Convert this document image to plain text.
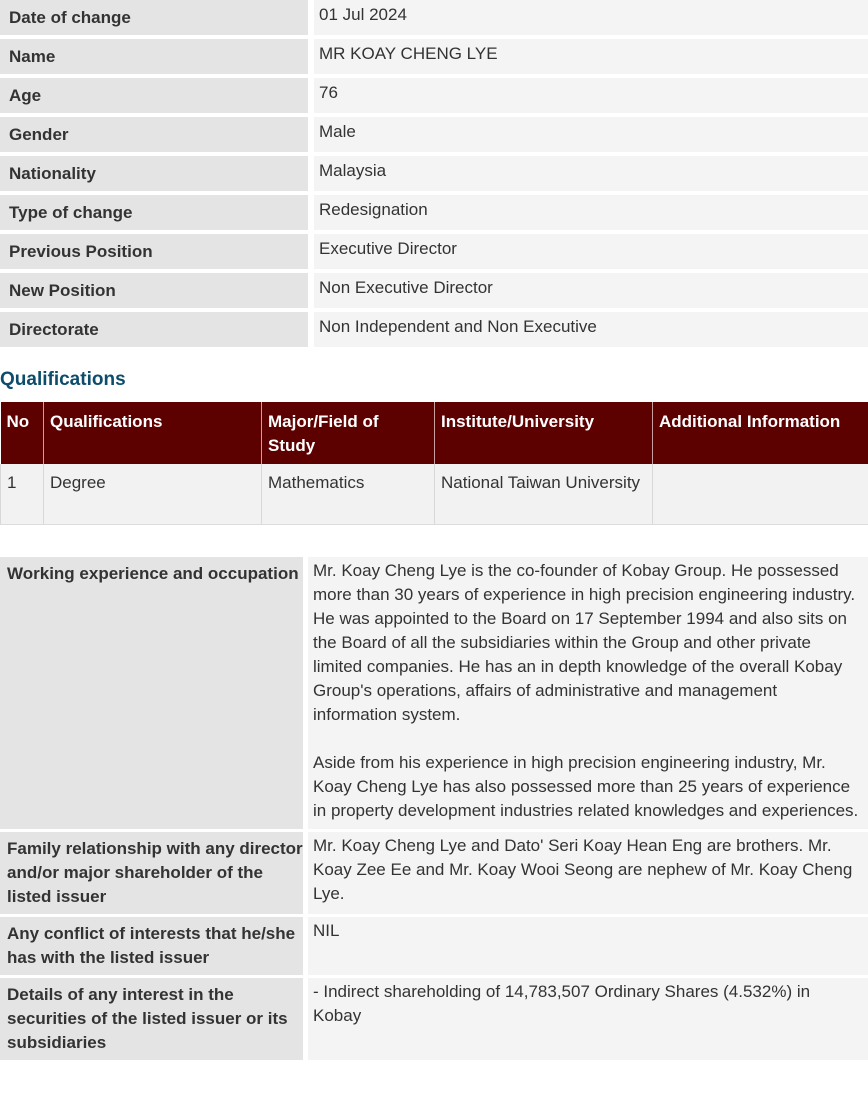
Date of change		01 Jul 2024
Name		MR KOAY CHENG LYE
Age		76
Gender		Male
Nationality		Malaysia
Type of change		Redesignation
Previous Position		Executive Director
New Position		Non Executive Director
Directorate		Non Independent and Non Executive
Qualifications
No	Qualifications	Major/Field of Study	Institute/University	Additional Information
1	Degree	Mathematics	National Taiwan University	
Working experience and occupation		Mr. Koay Cheng Lye is the co-founder of Kobay Group. He possessed more than 30 years of experience in high precision engineering industry. He was appointed to the Board on 17 September 1994 and also sits on the Board of all the subsidiaries within the Group and other private limited companies. He has an in depth knowledge of the overall Kobay Group's operations, affairs of administrative and management information system.

Aside from his experience in high precision engineering industry, Mr. Koay Cheng Lye has also possessed more than 25 years of experience in property development industries related knowledges and experiences.

Family relationship with any director and/or major shareholder of the listed issuer		Mr. Koay Cheng Lye and Dato' Seri Koay Hean Eng are brothers. Mr. Koay Zee Ee and Mr. Koay Wooi Seong are nephew of Mr. Koay Cheng Lye.
Any conflict of interests that he/she has with the listed issuer		NIL
Details of any interest in the securities of the listed issuer or its subsidiaries		- Indirect shareholding of 14,783,507 Ordinary Shares (4.532%) in Kobay
